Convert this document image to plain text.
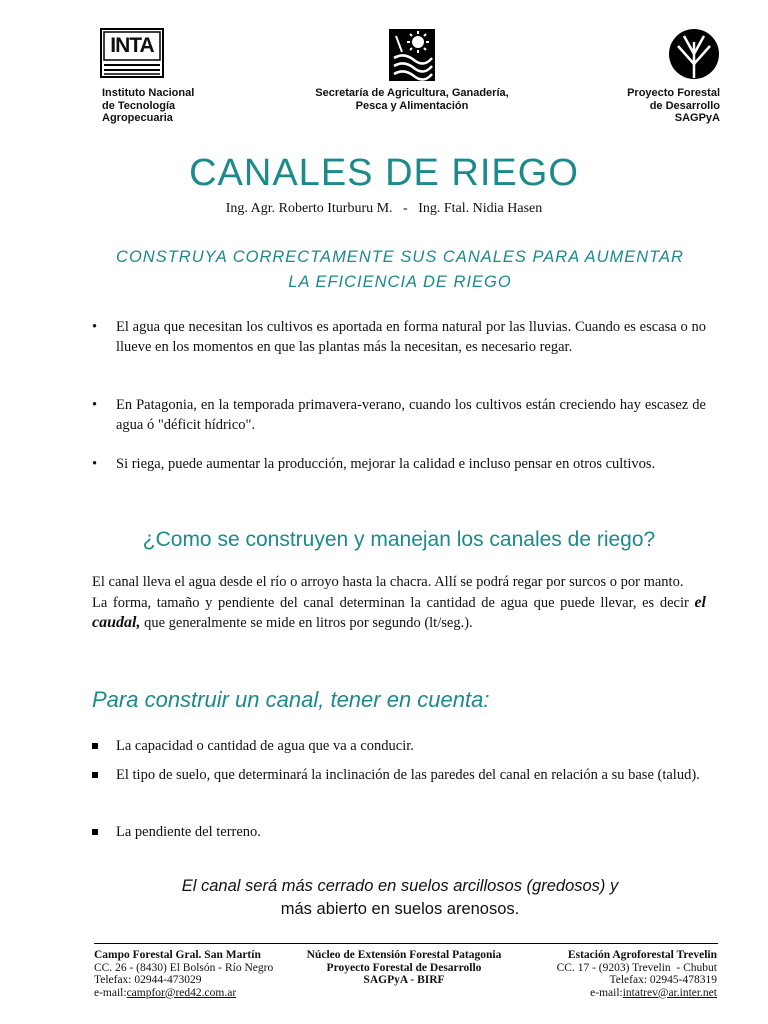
INTA
Instituto Nacional
de Tecnología
Agropecuaria
Secretaría de Agricultura, Ganadería,
Pesca y Alimentación
Proyecto Forestal
de Desarrollo
SAGPyA
CANALES DE RIEGO
Ing. Agr. Roberto Iturburu M.   -   Ing. Ftal. Nidia Hasen
CONSTRUYA CORRECTAMENTE SUS CANALES PARA AUMENTAR
LA EFICIENCIA DE RIEGO
• El agua que necesitan los cultivos es aportada en forma natural por las lluvias. Cuando es escasa o no llueve en los momentos en que las plantas más la necesitan, es necesario regar.
• En Patagonia, en la temporada primavera-verano, cuando los cultivos están creciendo hay escasez de agua ó "déficit hídrico".
• Si riega, puede aumentar la producción, mejorar la calidad e incluso pensar en otros cultivos.
¿Como se construyen y manejan los canales de riego?
El canal lleva el agua desde el río o arroyo hasta la chacra. Allí se podrá regar por surcos o por manto.
La forma, tamaño y pendiente del canal determinan la cantidad de agua que puede llevar, es decir el caudal, que generalmente se mide en litros por segundo (lt/seg.).
Para construir un canal, tener en cuenta:
La capacidad o cantidad de agua que va a conducir.
El tipo de suelo, que determinará la inclinación de las paredes del canal en relación a su base (talud).
La pendiente del terreno.
El canal será más cerrado en suelos arcillosos (gredosos) y
más abierto en suelos arenosos.
Campo Forestal Gral. San Martín
CC. 26 - (8430) El Bolsón - Río Negro
Telefax: 02944-473029
e-mail:campfor@red42.com.ar
Núcleo de Extensión Forestal Patagonia
Proyecto Forestal de Desarrollo
SAGPyA - BIRF
Estación Agroforestal Trevelin
CC. 17 - (9203) Trevelin  - Chubut
Telefax: 02945-478319
e-mail:intatrev@ar.inter.net
